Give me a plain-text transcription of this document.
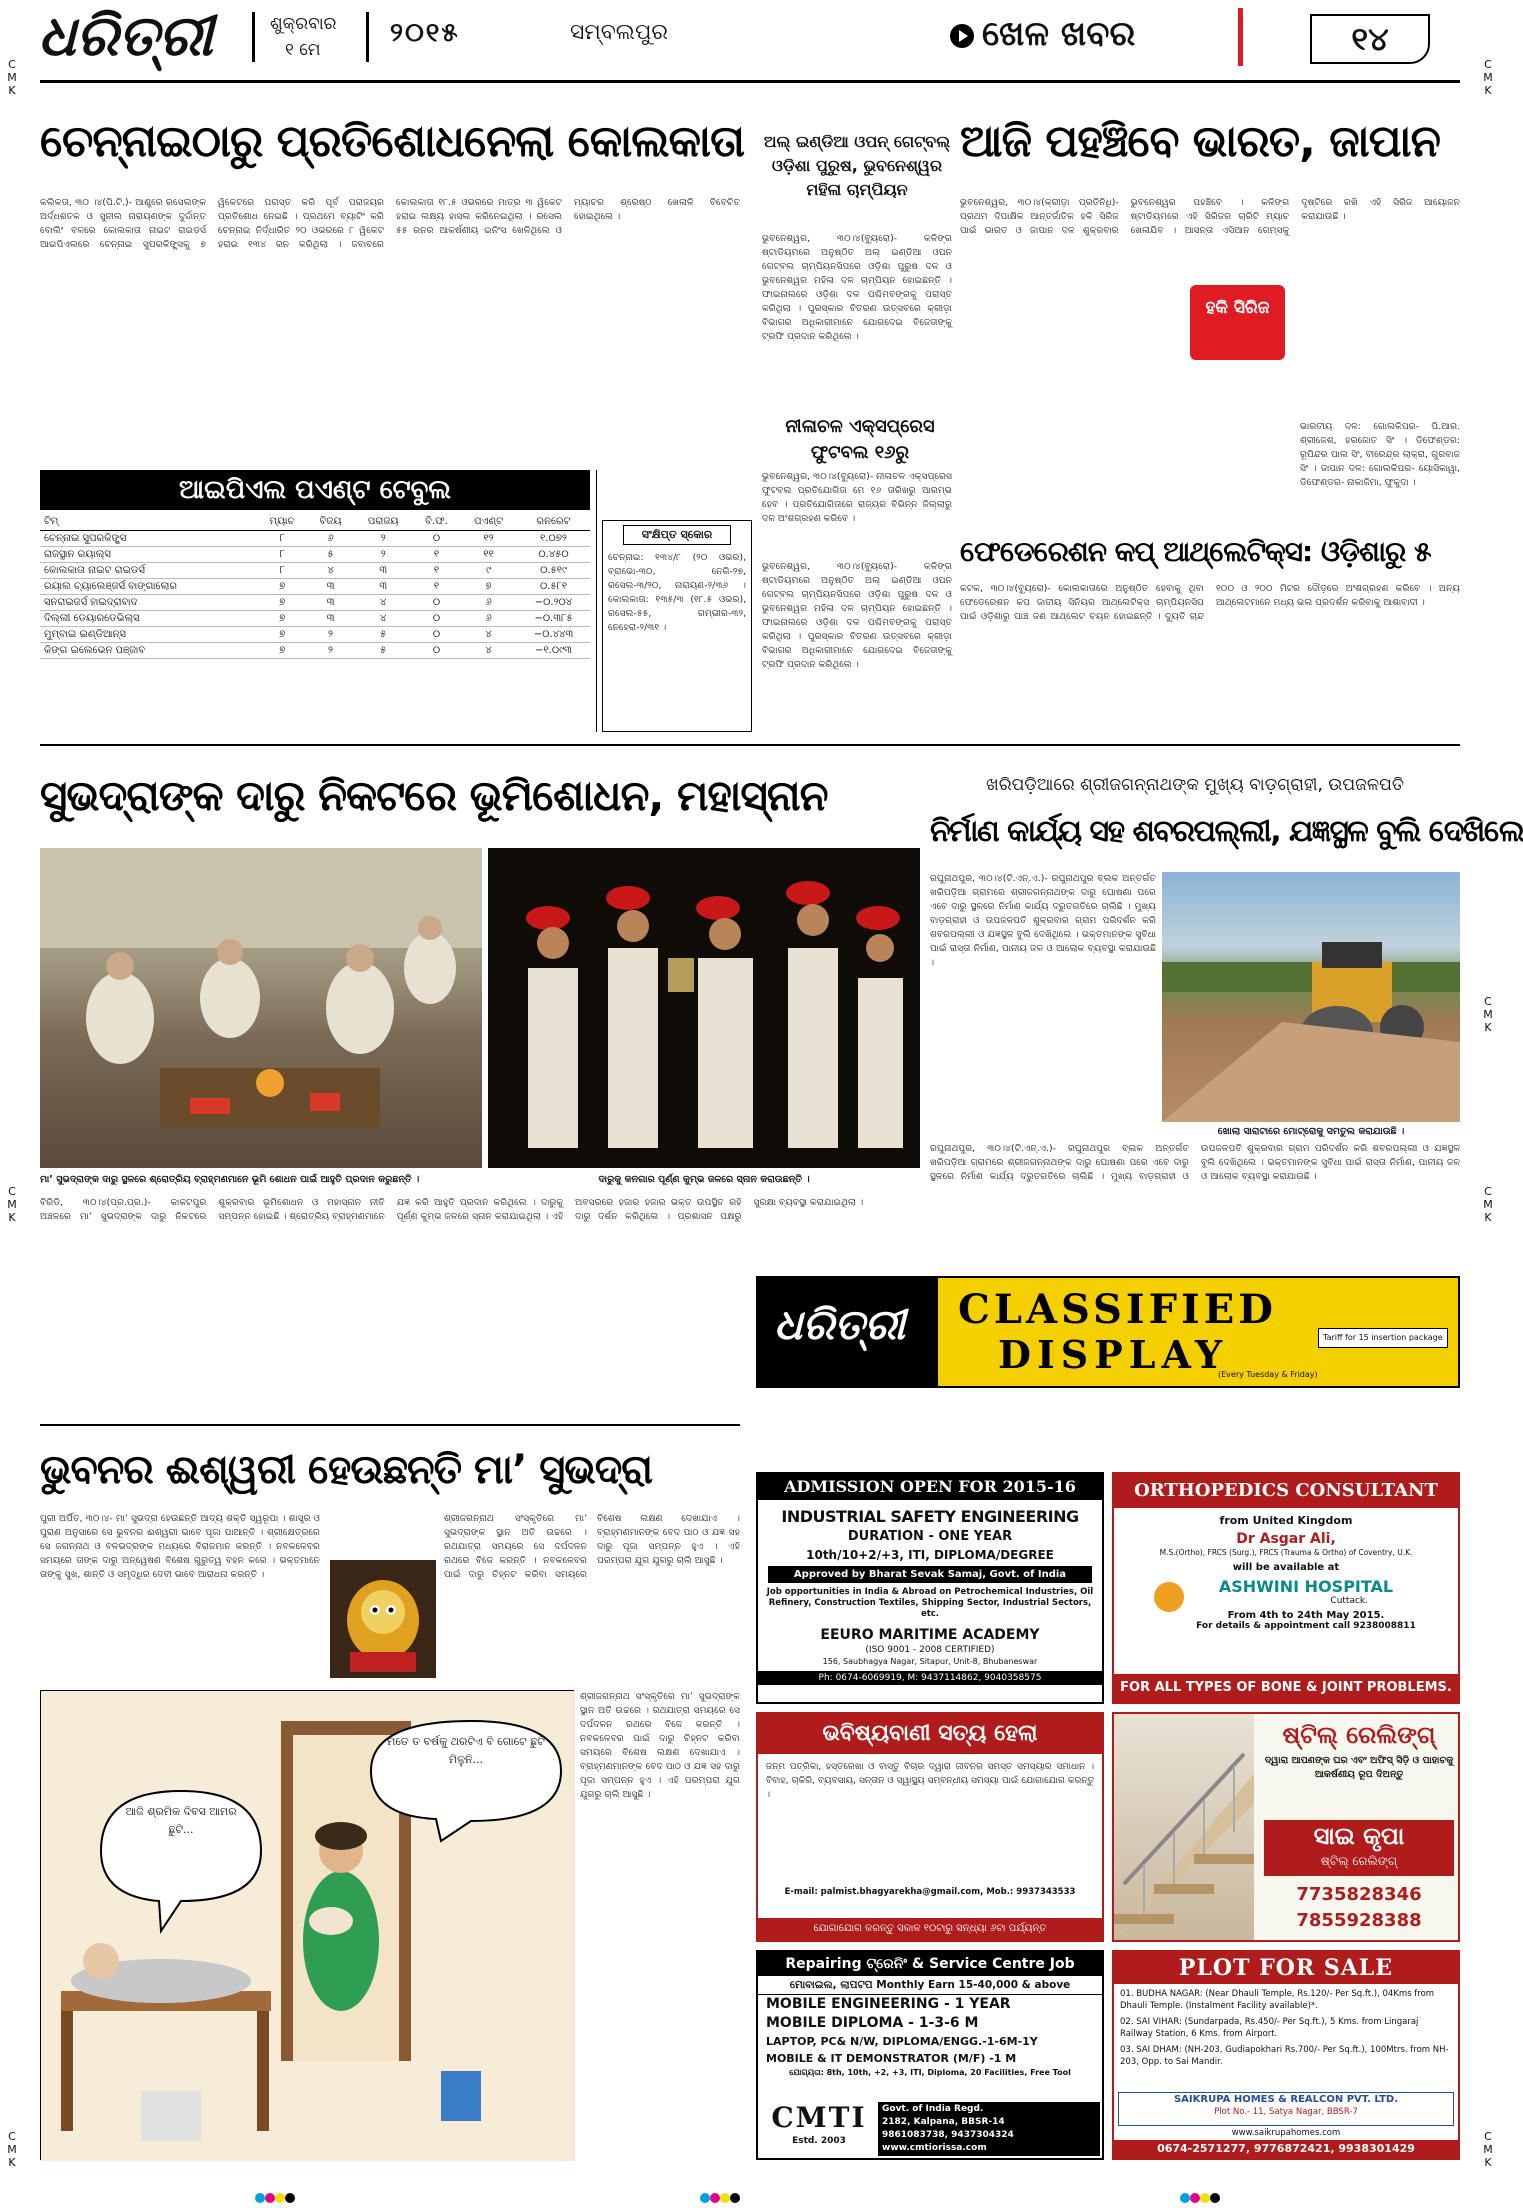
C
M
K
C
M
K
C
M
K
C
M
K
C
M
K
C
M
K
C
M
K
ଧରିତ୍ରୀ	ଶୁକ୍ରବାର
୧ ମେ
୨୦୧୫	ସମ୍ବଲପୁର	ଖେଳ ଖବର	୧୪
ଚେନ୍ନାଇଠାରୁ ପ୍ରତିଶୋଧନେଲା କୋଲକାତା
କଲିକତା, ୩୦ ।୪(ପି.ଟି.)- ଆଣ୍ଡ୍ରେ ରସେଲଙ୍କ ଅର୍ଦ୍ଧଶତକ ଓ ସୁନୀଲ ନାରାୟଣଙ୍କ ଦୁର୍ଦ୍ଦାନ୍ତ ବୋଲିଂ ବଳରେ କୋଲକାତା ନାଇଟ ରାଇଡର୍ସ ଆଇପିଏଲରେ ଚେନ୍ନାଇ ସୁପରକିଙ୍ଗ୍ସକୁ ୭ ୱିକେଟରେ ପରାସ୍ତ କରି ପୂର୍ବ ପରାଜୟର ପ୍ରତିଶୋଧ ନେଇଛି । ପ୍ରଥମେ ବ୍ୟାଟିଂ କରି ଚେନ୍ନାଇ ନିର୍ଦ୍ଧାରିତ ୨୦ ଓଭରରେ ୮ ୱିକେଟ ହରାଇ ୧୩୪ ରନ କରିଥିଲା । ଜବାବରେ କୋଲକାତା ୧୮.୫ ଓଭରରେ ମାତ୍ର ୩ ୱିକେଟ ହରାଇ ଲକ୍ଷ୍ୟ ହାସଲ କରିନେଇଥିଲା । ରସେଲ ୫୫ ରନର ଆକର୍ଷଣୀୟ ଇନିଂସ ଖେଳିଥିଲେ ଓ ମ୍ୟାଚର ଶ୍ରେଷ୍ଠ ଖେଳାଳି ବିବେଚିତ ହୋଇଥିଲେ ।
ଆଇପିଏଲ ପଏଣ୍ଟ ଟେବୁଲ
ଟିମ୍	ମ୍ୟାଚ	ବିଜୟ	ପରାଜୟ	ବି.ଫ.	ପଏଣ୍ଟ	ରନରେଟ
ଚେନ୍ନାଇ ସୁପରକିଙ୍ଗ୍ସ	୮	୬	୨	୦	୧୨	୧.୦୭୨
ରାଜସ୍ଥାନ ରୟାଲ୍ସ	୮	୫	୨	୧	୧୧	୦.୪୫୦
କୋଲକାତା ନାଇଟ ରାଇଡର୍ସ	୮	୪	୩	୧	୯	୦.୫୧୯
ରୟାଲ ଚ୍ୟାଲେଞ୍ଜର୍ସ ବାଙ୍ଗାଲୋର	୭	୩	୩	୧	୭	୦.୫୮୧
ସନରାଇଜର୍ସ ହାଇଦ୍ରାବାଦ	୭	୩	୪	୦	୬	−୦.୨୦୪
ଦିଲ୍ଲୀ ଡେୟାରଡେଭିଲ୍ସ	୭	୩	୪	୦	୬	−୦.୩୮୫
ମୁମ୍ବାଇ ଇଣ୍ଡିଆନ୍ସ	୭	୨	୫	୦	୪	−୦.୪୪୩
କିଙ୍ଗ ଇଲେଭେନ ପଞ୍ଜାବ	୭	୨	୫	୦	୪	−୧.୦୯୩
ଅଲ୍ ଇଣ୍ଡିଆ ଓପନ୍ ଗେଟ୍‌ବଲ୍ ଓଡ଼ିଶା ପୁରୁଷ, ଭୁବନେଶ୍ୱର ମହିଳା ଚାମ୍ପିୟନ
ଭୁବନେଶ୍ୱର, ୩୦।୪(ବ୍ୟୁରୋ)- କଳିଙ୍ଗ ଷ୍ଟାଡିୟମରେ ଅନୁଷ୍ଠିତ ଅଲ୍ ଇଣ୍ଡିଆ ଓପନ ଗେଟ୍‌ବଲ ଚାମ୍ପିୟନସିପରେ ଓଡ଼ିଶା ପୁରୁଷ ଦଳ ଓ ଭୁବନେଶ୍ୱର ମହିଳା ଦଳ ଚାମ୍ପିୟନ ହୋଇଛନ୍ତି । ଫାଇନାଲରେ ଓଡ଼ିଶା ଦଳ ପଶ୍ଚିମବଙ୍ଗକୁ ପରାସ୍ତ କରିଥିଲା । ପୁରସ୍କାର ବିତରଣ ଉତ୍ସବରେ କ୍ରୀଡ଼ା ବିଭାଗର ଅଧିକାରୀମାନେ ଯୋଗଦେଇ ବିଜେତାଙ୍କୁ ଟ୍ରଫି ପ୍ରଦାନ କରିଥିଲେ ।
ନୀଳାଚଳ ଏକ୍ସପ୍ରେସ ଫୁଟବଲ ୧୬ରୁ
ଭୁବନେଶ୍ୱର, ୩୦।୪(ବ୍ୟୁରୋ)- ନୀଳାଚଳ ଏକ୍ସପ୍ରେସ ଫୁଟବଲ ପ୍ରତିଯୋଗିତା ମେ ୧୬ ତାରିଖରୁ ଆରମ୍ଭ ହେବ । ପ୍ରତିଯୋଗିତାରେ ରାଜ୍ୟର ବିଭିନ୍ନ ଜିଲ୍ଲାରୁ ଦଳ ଅଂଶଗ୍ରହଣ କରିବେ ।
ସଂକ୍ଷିପ୍ତ ସ୍କୋର
ଚେନ୍ନାଇ: ୧୩୪/୮ (୨୦ ଓଭର), ବ୍ରାଭୋ-୩୦, ନେଗି-୨୭, ରସେଲ-୩/୨୦, ନାରାୟଣ-୨/୩୬ । କୋଲକାତା: ୧୩୫/୩ (୧୮.୫ ଓଭର), ରସେଲ-୫୫, ଗମ୍ଭୀର-୩୨, ନେହେରା-୨/୩୧ ।
ଭୁବନେଶ୍ୱର, ୩୦।୪(ବ୍ୟୁରୋ)- କଳିଙ୍ଗ ଷ୍ଟାଡିୟମରେ ଅନୁଷ୍ଠିତ ଅଲ୍ ଇଣ୍ଡିଆ ଓପନ ଗେଟ୍‌ବଲ ଚାମ୍ପିୟନସିପରେ ଓଡ଼ିଶା ପୁରୁଷ ଦଳ ଓ ଭୁବନେଶ୍ୱର ମହିଳା ଦଳ ଚାମ୍ପିୟନ ହୋଇଛନ୍ତି । ଫାଇନାଲରେ ଓଡ଼ିଶା ଦଳ ପଶ୍ଚିମବଙ୍ଗକୁ ପରାସ୍ତ କରିଥିଲା । ପୁରସ୍କାର ବିତରଣ ଉତ୍ସବରେ କ୍ରୀଡ଼ା ବିଭାଗର ଅଧିକାରୀମାନେ ଯୋଗଦେଇ ବିଜେତାଙ୍କୁ ଟ୍ରଫି ପ୍ରଦାନ କରିଥିଲେ ।
ଆଜି ପହଞ୍ଚିବେ ଭାରତ, ଜାପାନ
ଭୁବନେଶ୍ୱର, ୩୦।୪(କ୍ରୀଡ଼ା ପ୍ରତିନିଧି)- ପ୍ରଥମ ଦିପାକ୍ଷିକ ଆନ୍ତର୍ଜାତିକ ହକି ସିରିଜ ପାଇଁ ଭାରତ ଓ ଜାପାନ ଦଳ ଶୁକ୍ରବାର ଭୁବନେଶ୍ୱର ପହଞ୍ଚିବେ । କଳିଙ୍ଗ ଷ୍ଟାଡିୟମରେ ଏହି ସିରିଜର ଚାରିଟି ମ୍ୟାଚ ଖେଳାଯିବ । ଆସନ୍ତା ଏସିଆନ ଗେମ୍ସକୁ ଦୃଷ୍ଟିରେ ରଖି ଏହି ସିରିଜ ଆୟୋଜନ କରାଯାଉଛି ।
ହକି ସିରିଜ
ଭାରତୀୟ ଦଳ: ଗୋଲକିପର- ପି.ଆର. ଶ୍ରୀଜେଶ, ହରଜୋତ ସିଂ । ଡିଫେଣ୍ଡର: ରୂପିନ୍ଦର ପାଲ ସିଂ, ବୀରେନ୍ଦ୍ର ଲାକ୍ରା, ଗୁରବାଜ ସିଂ । ଜାପାନ ଦଳ: ଗୋଲକିପର- ୟୋସିକାୱା, ଡିଫେଣ୍ଡର- ନାକାଜିମା, ଫୁକୁଦା ।
ଫେଡେରେଶନ କପ୍ ଆଥ୍‌ଲେଟିକ୍ସ: ଓଡ଼ିଶାରୁ ୫
କଟକ, ୩୦।୪(ବ୍ୟୁରୋ)- କୋଲକାତାରେ ଅନୁଷ୍ଠିତ ହେବାକୁ ଥିବା ଫେଡେରେଶନ କପ ଜାତୀୟ ସିନିୟର ଆଥ୍‌ଲେଟିକ୍ସ ଚାମ୍ପିୟନସିପ ପାଇଁ ଓଡ଼ିଶାରୁ ପାଞ୍ଚ ଜଣ ଆଥ୍‌ଲେଟ ଚୟନ ହୋଇଛନ୍ତି । ଦ୍ୟୁତି ଚାନ୍ଦ ୧୦୦ ଓ ୨୦୦ ମିଟର ଦୌଡ଼ରେ ଅଂଶଗ୍ରହଣ କରିବେ । ଅନ୍ୟ ଆଥ୍‌ଲେଟମାନେ ମଧ୍ୟ ଭଲ ପ୍ରଦର୍ଶନ କରିବାକୁ ଆଶାବାଦୀ ।
ସୁଭଦ୍ରାଙ୍କ ଦାରୁ ନିକଟରେ ଭୂମିଶୋଧନ, ମହାସ୍ନାନ
ମା’ ସୁଭଦ୍ରାଙ୍କ ଦାରୁ ସ୍ଥଳରେ ଶ୍ରୋତ୍ରିୟ ବ୍ରାହ୍ମଣମାନେ ଭୂମି ଶୋଧନ ପାଇଁ ଆହୁତି ପ୍ରଦାନ କରୁଛନ୍ତି ।	ଦାରୁକୁ କନଗାର ପୂର୍ଣ୍ଣ କୁମ୍ଭ ଜଳରେ ସ୍ନାନ କରାଉଛନ୍ତି ।
ବିରିଡି, ୩୦।୪(ପ୍ର.ପ୍ର.)- କାକଟପୁର ଅଞ୍ଚଳରେ ମା’ ସୁଭଦ୍ରାଙ୍କ ଦାରୁ ନିକଟରେ ଶୁକ୍ରବାର ଭୂମିଶୋଧନ ଓ ମହାସ୍ନାନ ନୀତି ସମ୍ପନ୍ନ ହୋଇଛି । ଶ୍ରୋତ୍ରିୟ ବ୍ରାହ୍ମଣମାନେ ଯଜ୍ଞ କରି ଆହୁତି ପ୍ରଦାନ କରିଥିଲେ । ଦାରୁକୁ ପୂର୍ଣ୍ଣ କୁମ୍ଭ ଜଳରେ ସ୍ନାନ କରାଯାଇଥିଲା । ଏହି ଅବସରରେ ହଜାର ହଜାର ଭକ୍ତ ଉପସ୍ଥିତ ରହି ଦାରୁ ଦର୍ଶନ କରିଥିଲେ । ପ୍ରଶାସନ ପକ୍ଷରୁ ସୁରକ୍ଷା ବ୍ୟବସ୍ଥା କରାଯାଇଥିଲା ।
ଖରିପଡ଼ିଆରେ ଶ୍ରୀଜଗନ୍ନାଥଙ୍କ ମୁଖ୍ୟ ବାଡ଼ଗ୍ରାହୀ, ଉପଜଳପତି
ନିର୍ମାଣ କାର୍ଯ୍ୟ ସହ ଶବରପଲ୍ଲୀ, ଯଜ୍ଞସ୍ଥଳ ବୁଲି ଦେଖିଲେ
ରଘୁନାଥପୁର, ୩୦।୪(ଟି.ଏନ୍.ଏ.)- ରଘୁନାଥପୁର ବ୍ଲକ ଅନ୍ତର୍ଗତ ଖରିପଡ଼ିଆ ଗ୍ରାମରେ ଶ୍ରୀଜଗନ୍ନାଥଙ୍କ ଦାରୁ ଘୋଷଣା ପରେ ଏବେ ଦାରୁ ସ୍ଥଳରେ ନିର୍ମାଣ କାର୍ଯ୍ୟ ଦ୍ରୁତଗତିରେ ଚାଲିଛି । ମୁଖ୍ୟ ବାଡ଼ଗ୍ରାହୀ ଓ ଉପଜଳପତି ଶୁକ୍ରବାର ଗ୍ରାମ ପରିଦର୍ଶନ କରି ଶବରପଲ୍ଲୀ ଓ ଯଜ୍ଞସ୍ଥଳ ବୁଲି ଦେଖିଥିଲେ । ଭକ୍ତମାନଙ୍କ ସୁବିଧା ପାଇଁ ରାସ୍ତା ନିର୍ମାଣ, ପାନୀୟ ଜଳ ଓ ଆଲୋକ ବ୍ୟବସ୍ଥା କରାଯାଉଛି ।
ଖୋଲା ସାରାଟାରେ ମୋଟ୍ରୋକୁ ସମତୁଲ କରାଯାଉଛି ।
ରଘୁନାଥପୁର, ୩୦।୪(ଟି.ଏନ୍.ଏ.)- ରଘୁନାଥପୁର ବ୍ଲକ ଅନ୍ତର୍ଗତ ଖରିପଡ଼ିଆ ଗ୍ରାମରେ ଶ୍ରୀଜଗନ୍ନାଥଙ୍କ ଦାରୁ ଘୋଷଣା ପରେ ଏବେ ଦାରୁ ସ୍ଥଳରେ ନିର୍ମାଣ କାର୍ଯ୍ୟ ଦ୍ରୁତଗତିରେ ଚାଲିଛି । ମୁଖ୍ୟ ବାଡ଼ଗ୍ରାହୀ ଓ ଉପଜଳପତି ଶୁକ୍ରବାର ଗ୍ରାମ ପରିଦର୍ଶନ କରି ଶବରପଲ୍ଲୀ ଓ ଯଜ୍ଞସ୍ଥଳ ବୁଲି ଦେଖିଥିଲେ । ଭକ୍ତମାନଙ୍କ ସୁବିଧା ପାଇଁ ରାସ୍ତା ନିର୍ମାଣ, ପାନୀୟ ଜଳ ଓ ଆଲୋକ ବ୍ୟବସ୍ଥା କରାଯାଉଛି ।
ଧରିତ୍ରୀ CLASSIFIED
DISPLAY
(Every Tuesday & Friday)
Tariff for 15 insertion package
ଭୁବନର ଈଶ୍ୱରୀ ହେଉଛନ୍ତି ମା’ ସୁଭଦ୍ରା
ପୁରୀ ଅର୍ପିତ, ୩୦।୪- ମା’ ସୁଭଦ୍ରା ହେଉଛନ୍ତି ଆଦ୍ୟ ଶକ୍ତି ସ୍ୱରୂପା । ଶାସ୍ତ୍ର ଓ ପୁରାଣ ଅନୁସାରେ ସେ ଭୁବନର ଈଶ୍ୱରୀ ଭାବେ ପୂଜା ପାଆନ୍ତି । ଶ୍ରୀକ୍ଷେତ୍ରରେ ସେ ଜଗନ୍ନାଥ ଓ ବଳଭଦ୍ରଙ୍କ ମଧ୍ୟରେ ବିରାଜମାନ କରନ୍ତି । ନବକଳେବର ସମୟରେ ତାଙ୍କ ଦାରୁ ଅନ୍ୱେଷଣ ବିଶେଷ ଗୁରୁତ୍ୱ ବହନ କରେ । ଭକ୍ତମାନେ ତାଙ୍କୁ ସୁଖ, ଶାନ୍ତି ଓ ସମୃଦ୍ଧିର ଦେବୀ ଭାବେ ଆରାଧନା କରନ୍ତି ।
ଶ୍ରୀଜଗନ୍ନାଥ ସଂସ୍କୃତିରେ ମା’ ସୁଭଦ୍ରାଙ୍କ ସ୍ଥାନ ଅତି ଉଚ୍ଚରେ । ରଥଯାତ୍ରା ସମୟରେ ସେ ଦର୍ପଦଳନ ରଥରେ ବିଜେ କରନ୍ତି । ନବକଳେବର ପାଇଁ ଦାରୁ ଚିହ୍ନଟ କରିବା ସମୟରେ ବିଶେଷ ଲକ୍ଷଣ ଦେଖାଯାଏ । ବ୍ରାହ୍ମଣମାନଙ୍କ ବେଦ ପାଠ ଓ ଯଜ୍ଞ ସହ ଦାରୁ ପୂଜା ସମ୍ପନ୍ନ ହୁଏ । ଏହି ପରମ୍ପରା ଯୁଗ ଯୁଗରୁ ଚାଲି ଆସୁଛି ।
ଶ୍ରୀଜଗନ୍ନାଥ ସଂସ୍କୃତିରେ ମା’ ସୁଭଦ୍ରାଙ୍କ ସ୍ଥାନ ଅତି ଉଚ୍ଚରେ । ରଥଯାତ୍ରା ସମୟରେ ସେ ଦର୍ପଦଳନ ରଥରେ ବିଜେ କରନ୍ତି । ନବକଳେବର ପାଇଁ ଦାରୁ ଚିହ୍ନଟ କରିବା ସମୟରେ ବିଶେଷ ଲକ୍ଷଣ ଦେଖାଯାଏ । ବ୍ରାହ୍ମଣମାନଙ୍କ ବେଦ ପାଠ ଓ ଯଜ୍ଞ ସହ ଦାରୁ ପୂଜା ସମ୍ପନ୍ନ ହୁଏ । ଏହି ପରମ୍ପରା ଯୁଗ ଯୁଗରୁ ଚାଲି ଆସୁଛି ।
ଆଜି ଶ୍ରମିକ ଦିବସ ଆମର ଛୁଟି...
ମତେ ତ ବର୍ଷକୁ ଥରଟିଏ ବି ଗୋଟେ ଛୁଟି ମିଳୁନି...
ADMISSION OPEN FOR 2015-16
INDUSTRIAL SAFETY ENGINEERING
DURATION - ONE YEAR
10th/10+2/+3, ITI, DIPLOMA/DEGREE
Approved by Bharat Sevak Samaj, Govt. of India
Job opportunities in India & Abroad on Petrochemical Industries, Oil Refinery, Construction Textiles, Shipping Sector, Industrial Sectors, etc.
EEURO MARITIME ACADEMY
(ISO 9001 - 2008 CERTIFIED)
156, Saubhagya Nagar, Sitapur, Unit-8, Bhubaneswar
Ph: 0674-6069919, M: 9437114862, 9040358575
ORTHOPEDICS CONSULTANT
from United Kingdom
Dr Asgar Ali,
M.S.(Ortho), FRCS (Surg.), FRCS (Trauma & Ortho) of Coventry, U.K.
will be available at
ASHWINI HOSPITAL
Cuttack.
From 4th to 24th May 2015.
For details & appointment call 9238008811
FOR ALL TYPES OF BONE & JOINT PROBLEMS.
ଭବିଷ୍ୟବାଣୀ ସତ୍ୟ ହେଲା
ଜନ୍ମ ପତ୍ରିକା, ହସ୍ତରେଖା ଓ ବାସ୍ତୁ ବିଚାର ଦ୍ୱାରା ଜୀବନର ସମସ୍ତ ସମସ୍ୟାର ସମାଧାନ । ବିବାହ, ଚାକିରି, ବ୍ୟବସାୟ, ସନ୍ତାନ ଓ ସ୍ୱାସ୍ଥ୍ୟ ସମ୍ବନ୍ଧୀୟ ସମସ୍ୟା ପାଇଁ ଯୋଗାଯୋଗ କରନ୍ତୁ ।
E-mail: palmist.bhagyarekha@gmail.com, Mob.: 9937343533
ଯୋଗାଯୋଗ କରନ୍ତୁ ସକାଳ ୧୦ଟାରୁ ସନ୍ଧ୍ୟା ୬ଟା ପର୍ଯ୍ୟନ୍ତ
ଷ୍ଟିଲ୍ ରେଲିଙ୍ଗ୍
ଦ୍ୱାରା ଆପଣଙ୍କ ଘର ଏବଂ ଅଫିସ୍ ସିଡ଼ି ଓ ପାହାଚକୁ ଆକର୍ଷଣୀୟ ରୂପ ଦିଅନ୍ତୁ
ସାଇ କୃପା
ଷ୍ଟିଲ୍ ରେଲିଙ୍ଗ୍
7735828346
7855928388
Repairing ଟ୍ରେନିଂ & Service Centre Job
ମୋବାଇଲ, ଲାପଟପ Monthly Earn 15-40,000 & above
MOBILE ENGINEERING - 1 YEAR
MOBILE DIPLOMA - 1-3-6 M
LAPTOP, PC& N/W, DIPLOMA/ENGG.-1-6M-1Y
MOBILE & IT DEMONSTRATOR (M/F) -1 M
ଯୋଗ୍ୟତା: 8th, 10th, +2, +3, ITI, Diploma, 20 Facilities, Free Tool
CMTI
Estd. 2003
Govt. of India Regd.
2182, Kalpana, BBSR-14
9861083738, 9437304324
www.cmtiorissa.com
PLOT FOR SALE
01. BUDHA NAGAR: (Near Dhauli Temple, Rs.120/- Per Sq.ft.), 04Kms from Dhauli Temple. (Instalment Facility available)*.
02. SAI VIHAR: (Sundarpada, Rs.450/- Per Sq.ft.), 5 Kms. from Lingaraj Railway Station, 6 Kms. from Airport.
03. SAI DHAM: (NH-203, Gudiapokhari Rs.700/- Per Sq.ft.), 100Mtrs. from NH-203, Opp. to Sai Mandir.
SAIKRUPA HOMES & REALCON PVT. LTD.
Plot No.- 11, Satya Nagar, BBSR-7
www.saikrupahomes.com
0674-2571277, 9776872421, 9938301429
